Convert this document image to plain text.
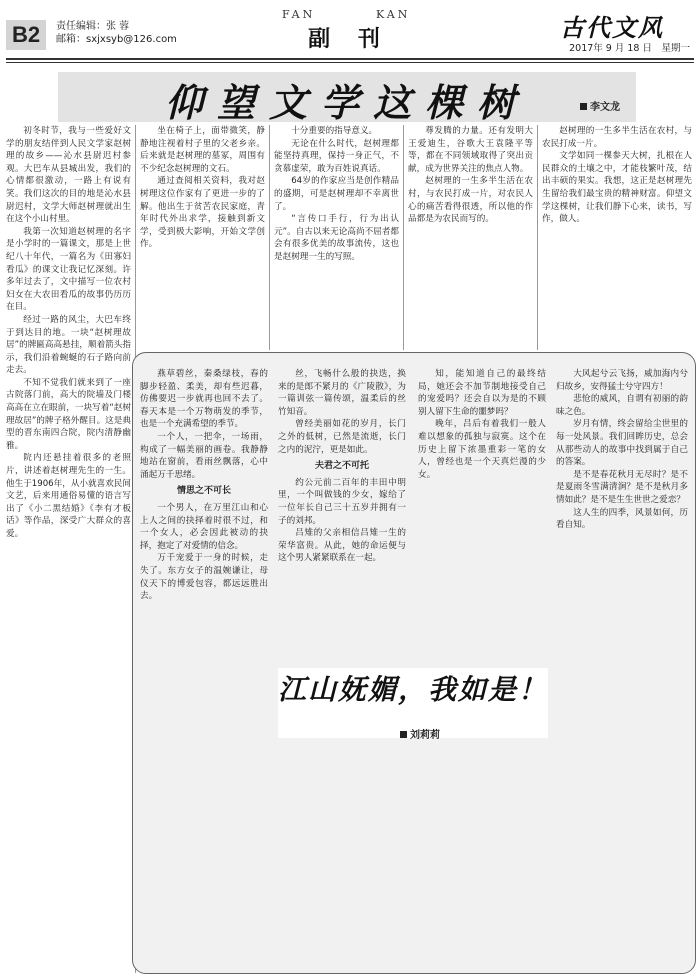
B2	责任编辑：张 蓉
邮箱：sxjxsyb@126.com
FAN	KAN
副 刊	古代文风
2017年 9 月 18 日　星期一
仰望文学这棵树	李文龙

初冬时节，我与一些爱好文学的朋友结伴到人民文学家赵树理的故乡——沁水县尉迟村参观。大巴车从县城出发，我们的心情都很激动，一路上有说有笑。我们这次的目的地是沁水县尉迟村，文学大师赵树理就出生在这个小山村里。

我第一次知道赵树理的名字是小学时的一篇课文，那是上世纪八十年代，一篇名为《田寡妇看瓜》的课文让我记忆深刻。许多年过去了，文中描写一位农村妇女在大农田看瓜的故事仍历历在目。

经过一路的风尘，大巴车终于到达目的地。一块“赵树理故居”的牌匾高高悬挂，顺着箭头指示，我们沿着蜿蜒的石子路向前走去。

不知不觉我们就来到了一座古院落门前，高大的院墙及门楼高高在立在眼前，一块写着“赵树理故居”的牌子格外醒目。这是典型的晋东南四合院，院内清静幽雅。

院内还悬挂着很多的老照片，讲述着赵树理先生的一生。他生于1906年，从小就喜欢民间文艺，后来用通俗易懂的语言写出了《小二黑结婚》《李有才板话》等作品，深受广大群众的喜爱。

坐在椅子上，面带微笑，静静地注视着村子里的父老乡亲。后来就是赵树理的墓冢，周围有不少纪念赵树理的文石。

通过查阅相关资料，我对赵树理这位作家有了更进一步的了解。他出生于贫苦农民家庭，青年时代外出求学，接触到新文学，受到极大影响，开始文学创作。

十分重要的指导意义。

无论在什么时代，赵树理都能坚持真理，保持一身正气，不贪慕虚荣，敢为百姓说真话。

64岁的作家应当是创作精品的盛期，可是赵树理却不幸离世了。

“言传口手行，行为出认元”。自古以来无论高尚不屈者都会有很多优美的故事流传，这也是赵树理一生的写照。

尊发腾的力量。还有发明大王爱迪生，谷歌大王袁隆平等等，都在不同领域取得了突出贡献，成为世界关注的焦点人物。

赵树理的一生多半生活在农村，与农民打成一片，对农民人心的痛苦看得很透，所以他的作品都是为农民而写的。

赵树理的一生多半生活在农村，与农民打成一片。

文学如同一棵参天大树，扎根在人民群众的土壤之中，才能枝繁叶茂，结出丰硕的果实。我想，这正是赵树理先生留给我们最宝贵的精神财富。仰望文学这棵树，让我们静下心来，读书，写作，做人。

燕草碧丝，秦桑绿枝，春的脚步轻盈、柔美，却有些迟暮，仿佛要迟一步就再也回不去了。春天本是一个万物萌发的季节，也是一个充满希望的季节。

一个人，一把伞，一场雨，构成了一幅美丽的画卷。我静静地站在窗前，看雨丝飘落，心中涌起万千思绪。

情思之不可长

一个男人，在万里江山和心上人之间的抉择着时很不过，和一个女人，必会因此被动的抉择，抱定了对爱情的信念。

万千宠爱于一身的时候，走失了。东方女子的温婉谦让，母仪天下的博爱包容，都远远胜出去。

丝，飞畅什么般的抉迭，换来的是郎不紧月的《广陵散》，为一篇训弦一篇传颂，温柔后的丝竹知音。

曾经美丽如花的岁月，长门之外的低树，已然是流逝，长门之内的泥泞，更是如此。

夫君之不可托

约公元前二百年的丰田中明里，一个叫做钱的少女，嫁给了一位年长自己三十五岁并拥有一子的刘邦。

吕雉的父亲相信吕雉一生的荣华富贵。从此，她的命运便与这个男人紧紧联系在一起。

知，能知道自己的最终结局，她还会不加节制地接受自己的宠爱吗？还会自以为是的不顾别人留下生命的噩梦吗？

晚年，吕后有着我们一般人难以想象的孤独与寂寞。这个在历史上留下浓墨重彩一笔的女人，曾经也是一个天真烂漫的少女。

大风起兮云飞扬，威加海内兮归故乡，安得猛士兮守四方！

悲怆的威风，自谓有初丽的韵味之色。

岁月有情，终会留给尘世里的每一处风景。我们回眸历史，总会从那些动人的故事中找到属于自己的答案。

是不是春花秋月无尽时？是不是夏雨冬雪满清涧？是不是秋月多情如此？是不是生生世世之爱恋？

这人生的四季，风景如何，历看自知。

江山妩媚，我如是！
刘莉莉
